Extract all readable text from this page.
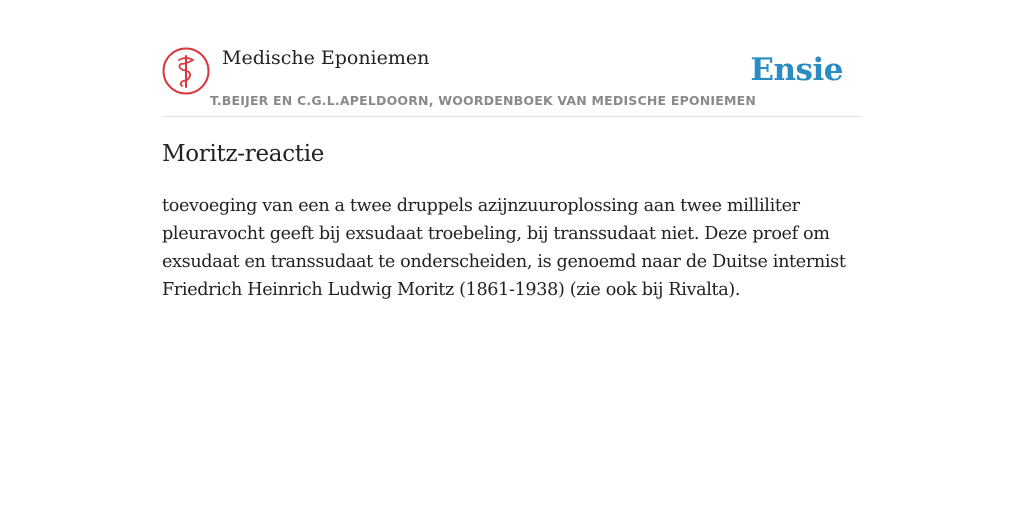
Medische Eponiemen
T.BEIJER EN C.G.L.APELDOORN, WOORDENBOEK VAN MEDISCHE EPONIEMEN
Ensie
Moritz-reactie

toevoeging van een a twee druppels azijnzuuroplossing aan twee milliliter pleuravocht geeft bij exsudaat troebeling, bij transsudaat niet. Deze proef om exsudaat en transsudaat te onderscheiden, is genoemd naar de Duitse internist Friedrich Heinrich Ludwig Moritz (1861-1938) (zie ook bij Rivalta).
